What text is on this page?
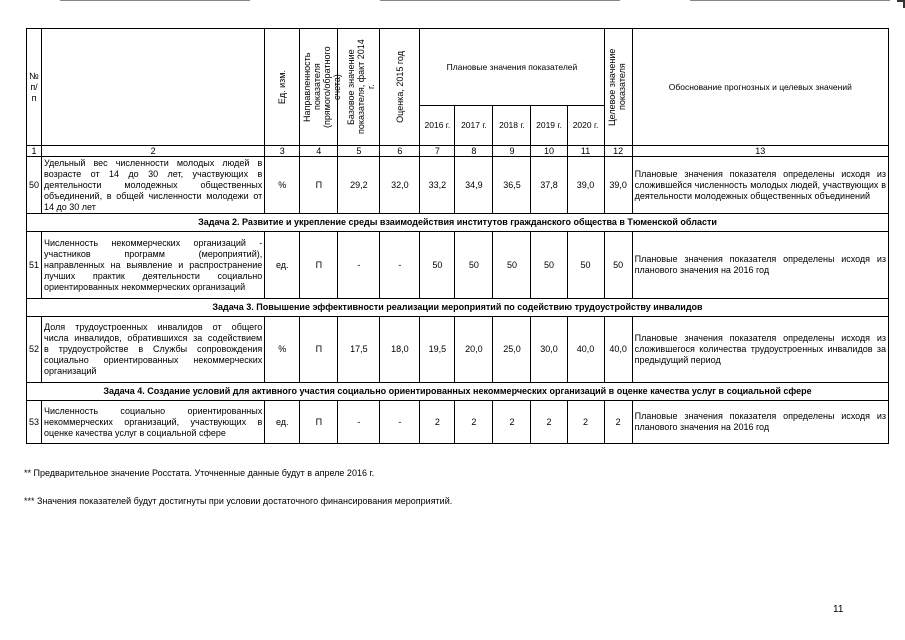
№
п/п		Ед. изм.	Направленность показателя (прямого/обратного счета)	Базовое значение показателя, факт 2014 г.	Оценка, 2015 год	Плановые значения показателей					Целевое значение показателя	Обоснование прогнозных и целевых значений
						2016 г.	2017 г.	2018 г.	2019 г.	2020 г.		
1	2	3	4	5	6	7	8	9	10	11	12	13
50	Удельный вес численности молодых людей в
возрасте от 14 до 30 лет, участвующих в
деятельности молодежных общественных
объединений, в общей численности молодежи от
14 до 30 лет	%	П	29,2	32,0	33,2	34,9	36,5	37,8	39,0	39,0	Плановые значения показателя определены исходя из сложившейся численность молодых людей, участвующих в деятельности молодежных общественных объединений
Задача 2. Развитие и укрепление среды взаимодействия институтов гражданского общества в Тюменской области												
51	Численность некоммерческих организаций -
участников программ (мероприятий),
направленных на выявление и распространение
лучших практик деятельности социально
ориентированных некоммерческих организаций	ед.	П	-	-	50	50	50	50	50	50	Плановые значения показателя определены исходя из планового значения на 2016 год
Задача 3. Повышение эффективности реализации мероприятий по содействию трудоустройству инвалидов												
52	Доля трудоустроенных инвалидов от общего
числа инвалидов, обратившихся за содействием
в трудоустройстве в Службы сопровождения
социально ориентированных некоммерческих
организаций	%	П	17,5	18,0	19,5	20,0	25,0	30,0	40,0	40,0	Плановые значения показателя определены исходя из сложившегося количества трудоустроенных инвалидов за предыдущий период
Задача 4. Создание условий для активного участия социально ориентированных некоммерческих организаций в оценке качества услуг в социальной сфере												
53	Численность социально ориентированных
некоммерческих организаций, участвующих в
оценке качества услуг в социальной сфере	ед.	П	-	-	2	2	2	2	2	2	Плановые значения показателя определены исходя из планового значения на 2016 год
** Предварительное значение Росстата. Уточненные данные будут в апреле 2016 г.
*** Значения показателей будут достигнуты при условии достаточного финансирования мероприятий.
11
